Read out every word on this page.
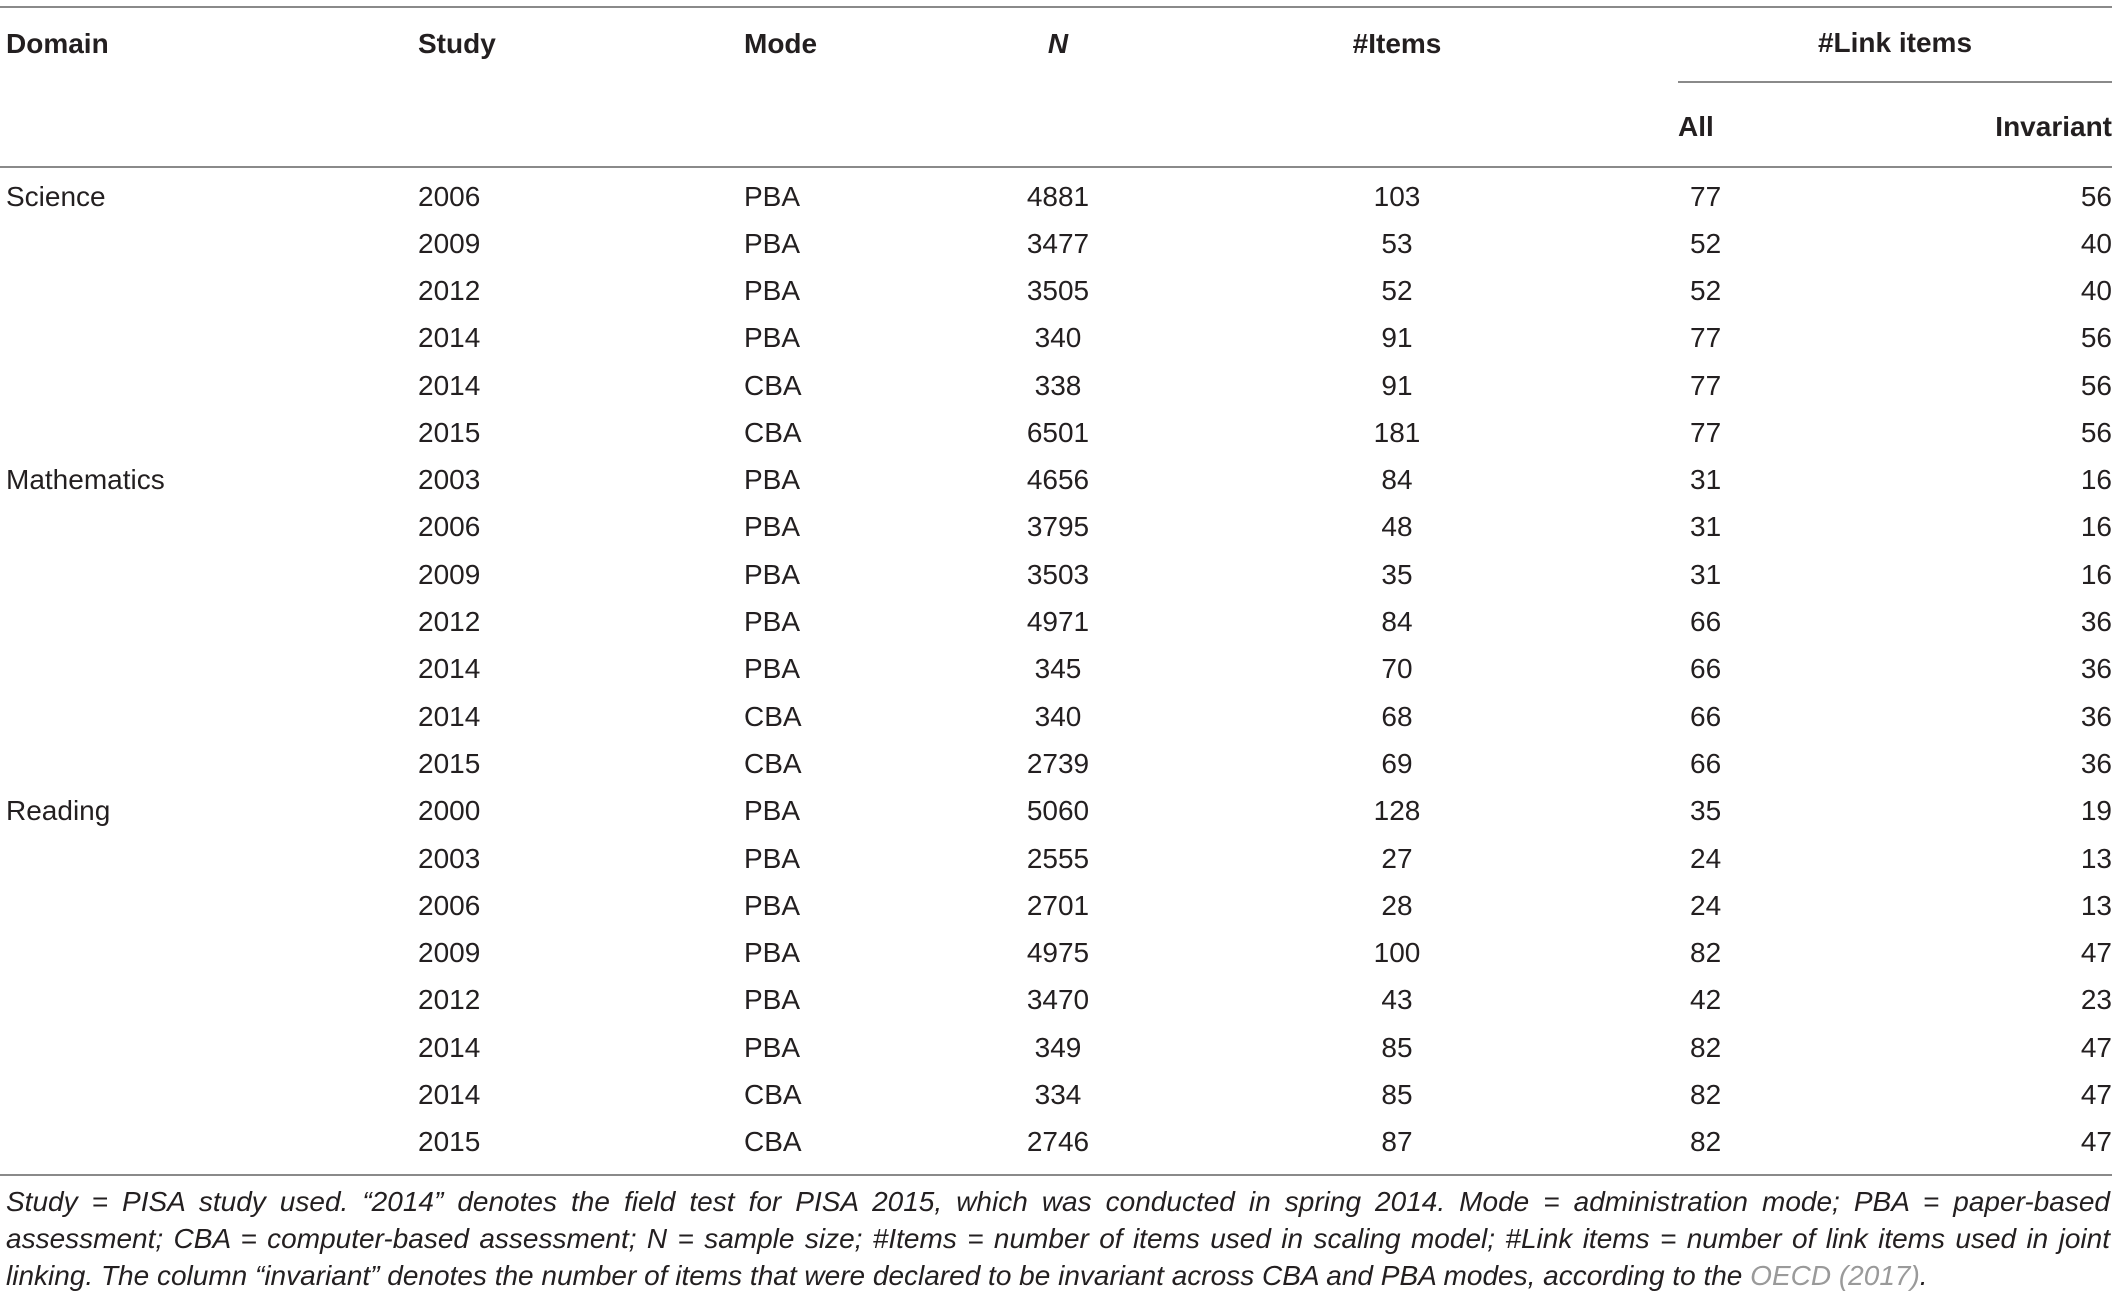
Domain	Study	Mode	N	#Items	#Link items	

					All	Invariant

Science	2006	PBA	4881	103	77	56
	2009	PBA	3477	53	52	40
	2012	PBA	3505	52	52	40
	2014	PBA	340	91	77	56
	2014	CBA	338	91	77	56
	2015	CBA	6501	181	77	56
Mathematics	2003	PBA	4656	84	31	16
	2006	PBA	3795	48	31	16
	2009	PBA	3503	35	31	16
	2012	PBA	4971	84	66	36
	2014	PBA	345	70	66	36
	2014	CBA	340	68	66	36
	2015	CBA	2739	69	66	36
Reading	2000	PBA	5060	128	35	19
	2003	PBA	2555	27	24	13
	2006	PBA	2701	28	24	13
	2009	PBA	4975	100	82	47
	2012	PBA	3470	43	42	23
	2014	PBA	349	85	82	47
	2014	CBA	334	85	82	47
	2015	CBA	2746	87	82	47
Study = PISA study used. “2014” denotes the field test for PISA 2015, which was conducted in spring 2014. Mode = administration mode; PBA = paper-based assessment; CBA = computer-based assessment; N = sample size; #Items = number of items used in scaling model; #Link items = number of link items used in joint linking. The column “invariant” denotes the number of items that were declared to be invariant across CBA and PBA modes, according to the OECD (2017).
